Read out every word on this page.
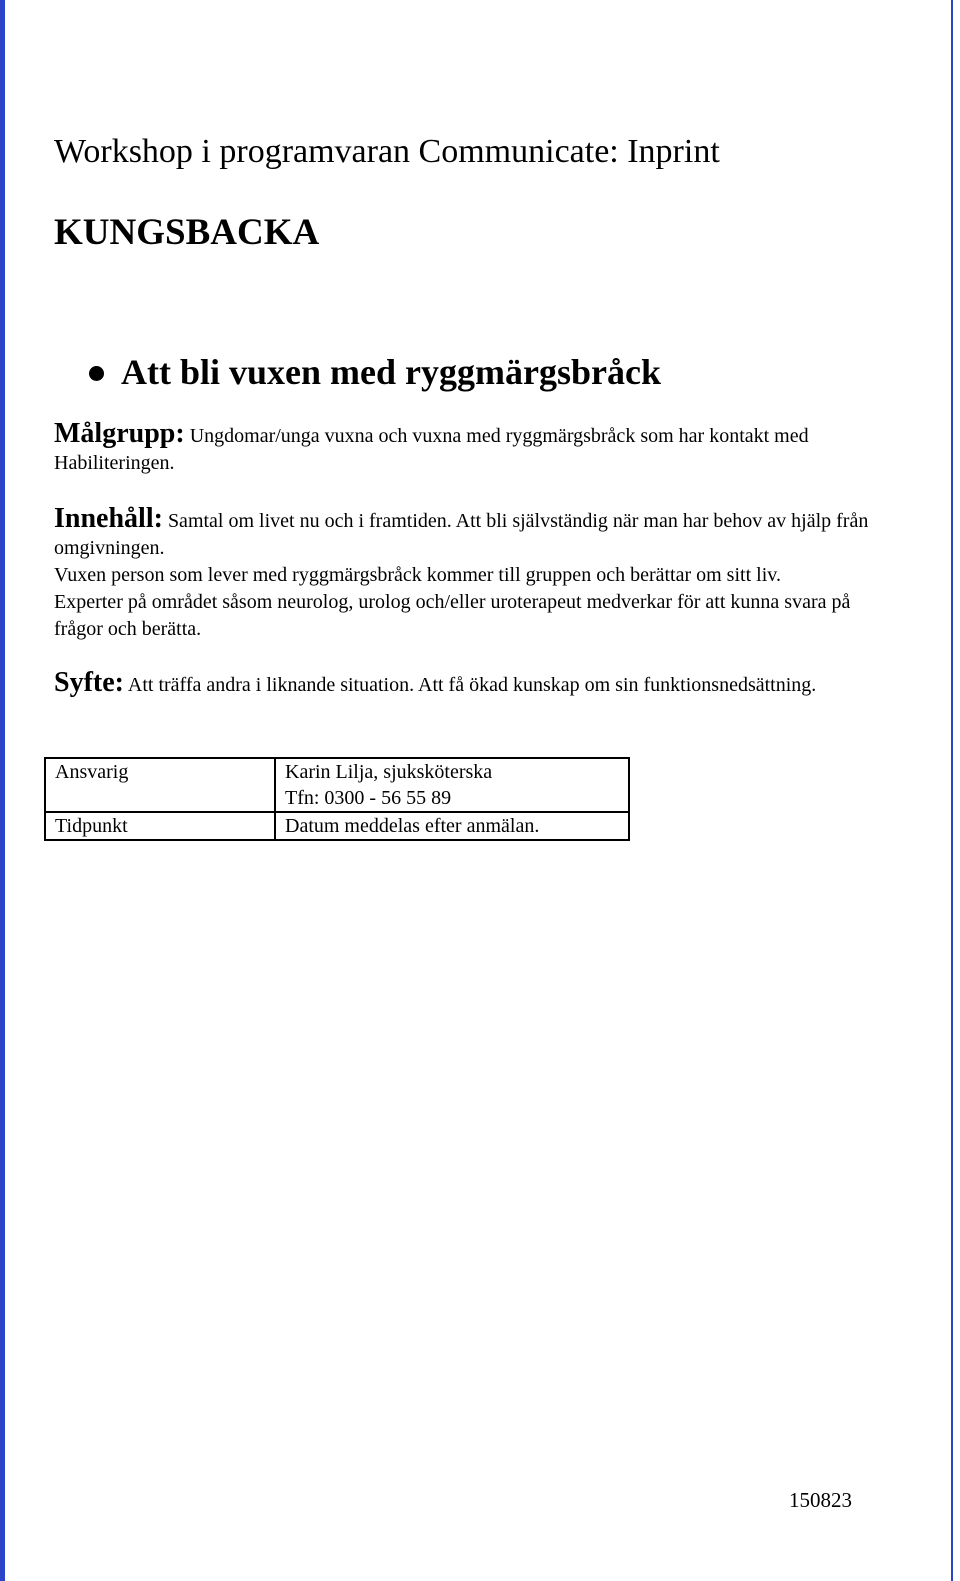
Workshop i programvaran Communicate: Inprint
KUNGSBACKA
Att bli vuxen med ryggmärgsbråck

Målgrupp: Ungdomar/unga vuxna och vuxna med ryggmärgsbråck som har kontakt med Habiliteringen.

Innehåll: Samtal om livet nu och i framtiden. Att bli självständig när man har behov av hjälp från omgivningen.

Vuxen person som lever med ryggmärgsbråck kommer till gruppen och berättar om sitt liv.

Experter på området såsom neurolog, urolog och/eller uroterapeut medverkar för att kunna svara på frågor och berätta.

Syfte: Att träffa andra i liknande situation. Att få ökad kunskap om sin funktionsnedsättning.

Ansvarig	Karin Lilja, sjuksköterska
Tfn: 0300 - 56 55 89

Tidpunkt	Datum meddelas efter anmälan.
150823
